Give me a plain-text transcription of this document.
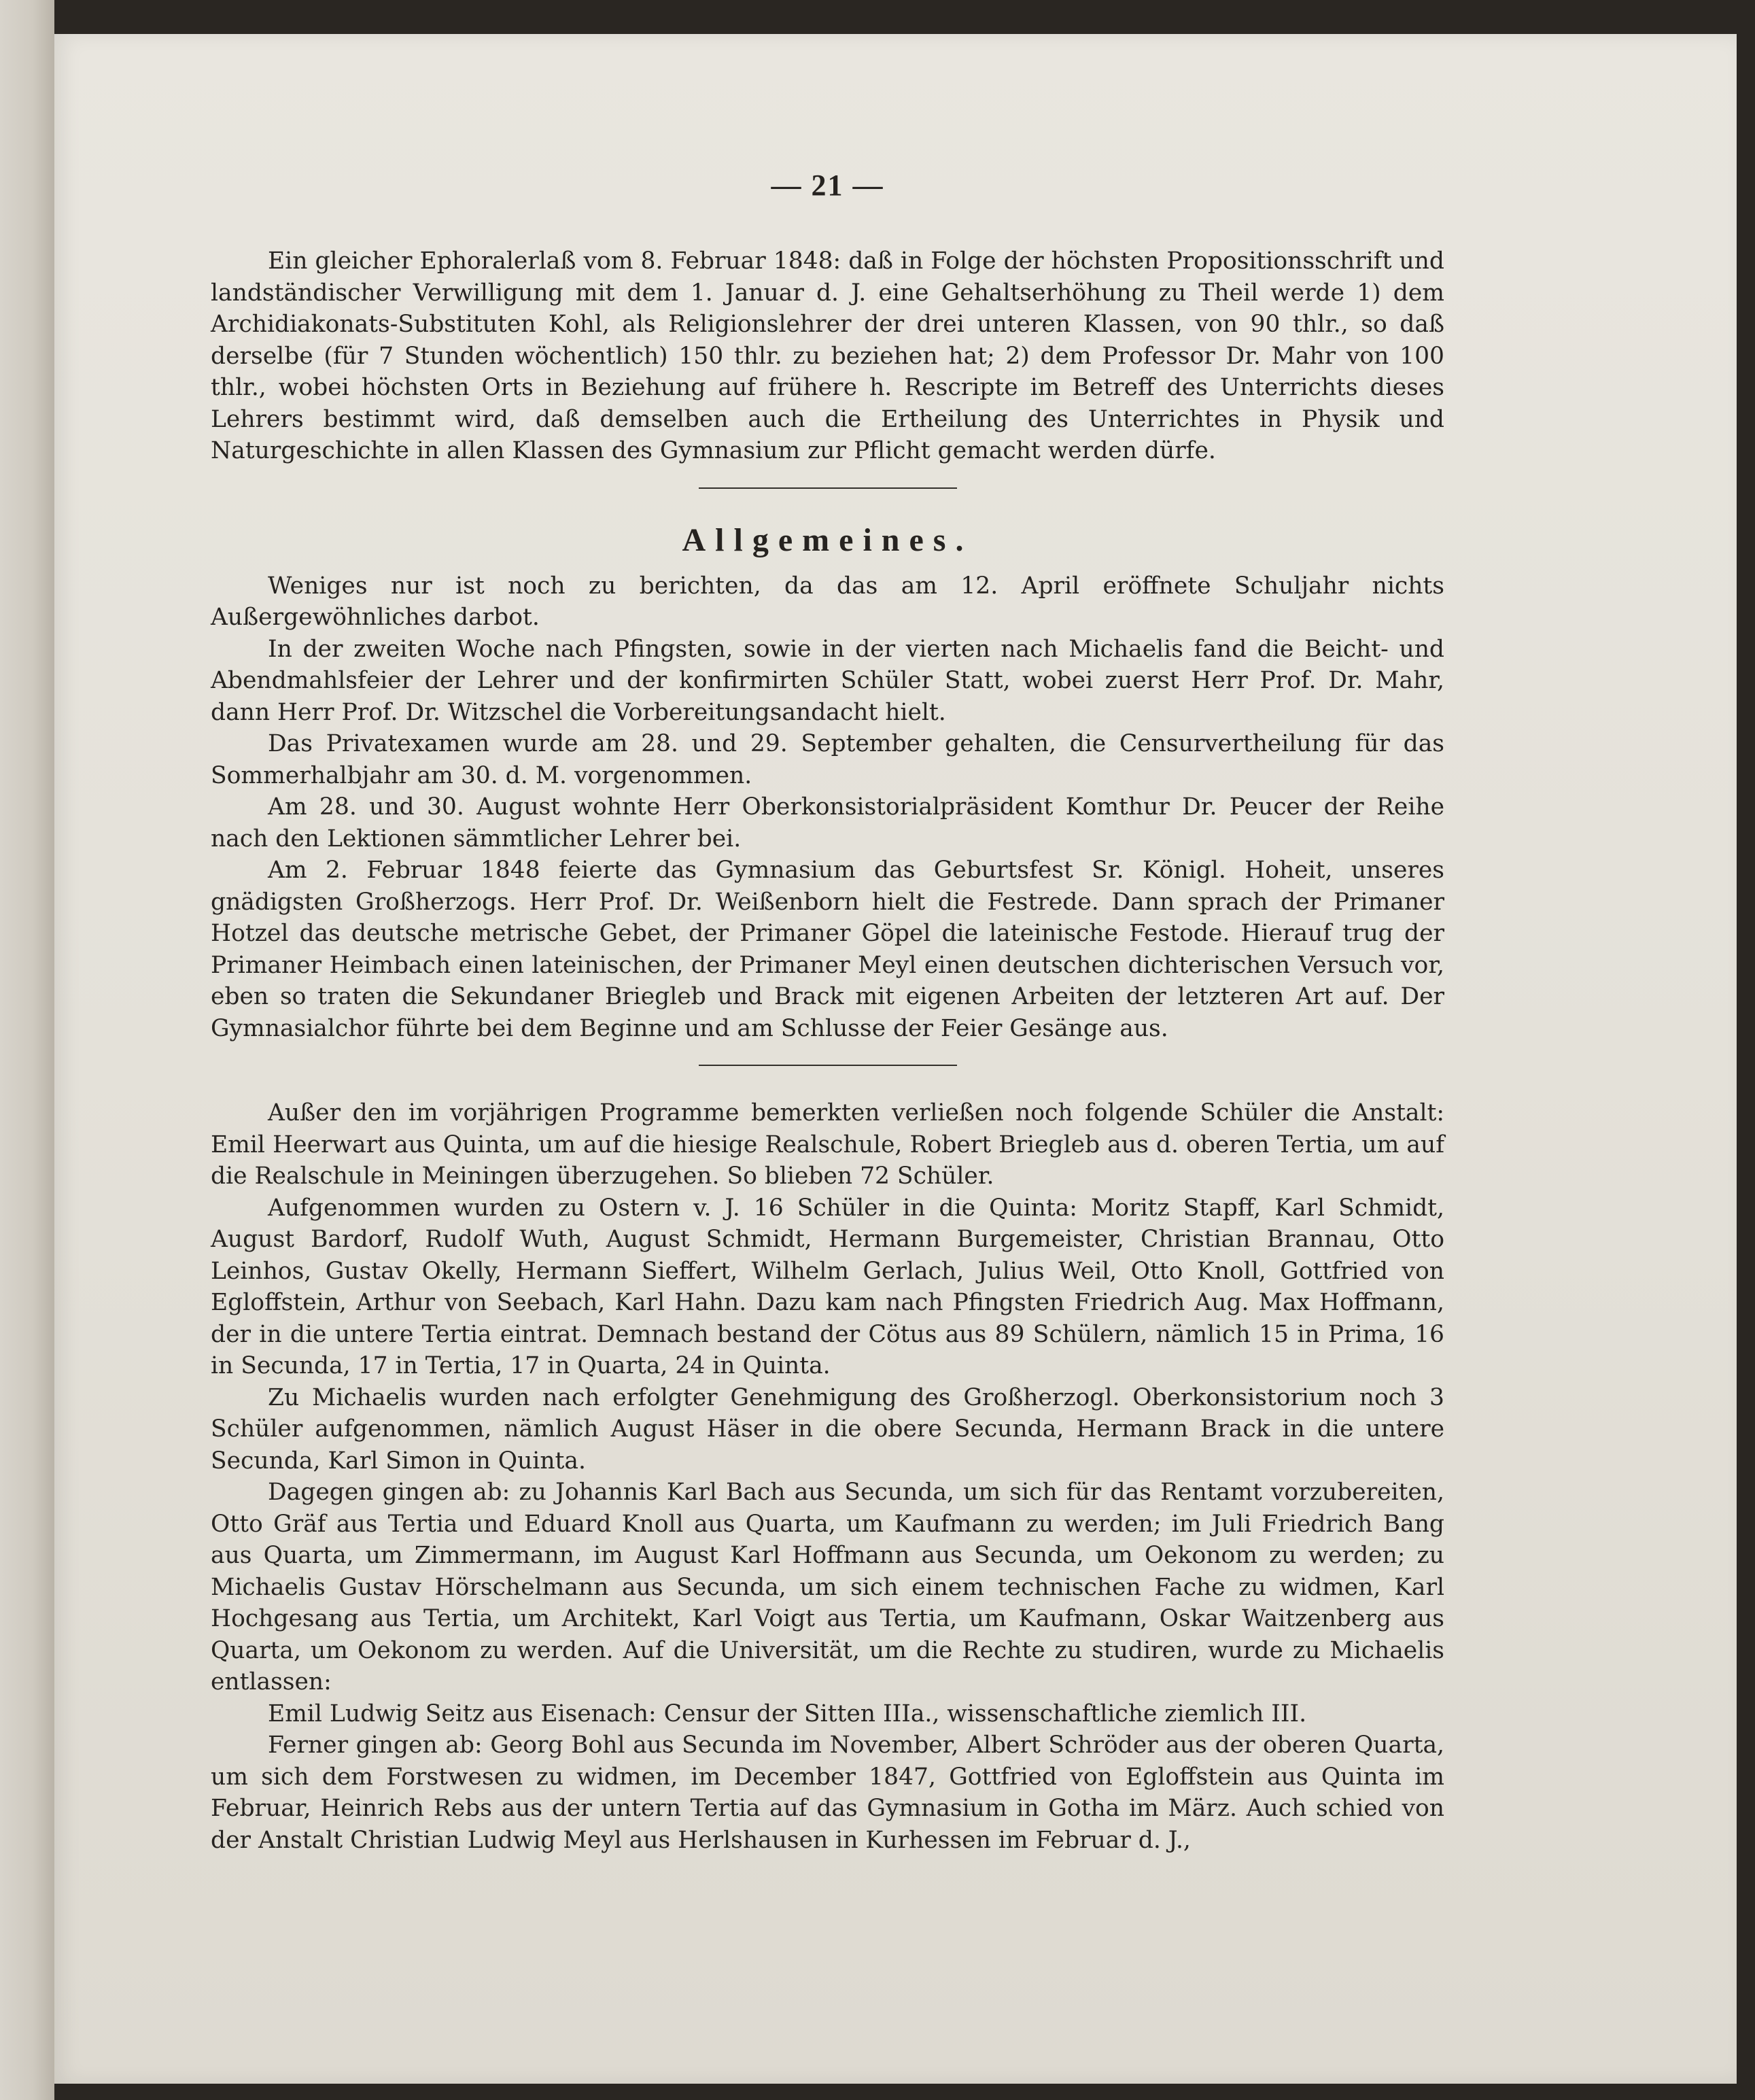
— 21 —

Ein gleicher Ephoralerlaß vom 8. Februar 1848: daß in Folge der höchsten Propositionsschrift und landständischer Verwilligung mit dem 1. Januar d. J. eine Gehaltserhöhung zu Theil werde 1) dem Archidiakonats-Substituten Kohl, als Religionslehrer der drei unteren Klassen, von 90 thlr., so daß derselbe (für 7 Stunden wöchentlich) 150 thlr. zu beziehen hat; 2) dem Professor Dr. Mahr von 100 thlr., wobei höchsten Orts in Beziehung auf frühere h. Rescripte im Betreff des Unterrichts dieses Lehrers bestimmt wird, daß demselben auch die Ertheilung des Unterrichtes in Physik und Naturgeschichte in allen Klassen des Gymnasium zur Pflicht gemacht werden dürfe.

Allgemeines.

Weniges nur ist noch zu berichten, da das am 12. April eröffnete Schuljahr nichts Außergewöhnliches darbot.

In der zweiten Woche nach Pfingsten, sowie in der vierten nach Michaelis fand die Beicht- und Abendmahlsfeier der Lehrer und der konfirmirten Schüler Statt, wobei zuerst Herr Prof. Dr. Mahr, dann Herr Prof. Dr. Witzschel die Vorbereitungsandacht hielt.

Das Privatexamen wurde am 28. und 29. September gehalten, die Censurvertheilung für das Sommerhalbjahr am 30. d. M. vorgenommen.

Am 28. und 30. August wohnte Herr Oberkonsistorialpräsident Komthur Dr. Peucer der Reihe nach den Lektionen sämmtlicher Lehrer bei.

Am 2. Februar 1848 feierte das Gymnasium das Geburtsfest Sr. Königl. Hoheit, unseres gnädigsten Großherzogs. Herr Prof. Dr. Weißenborn hielt die Festrede. Dann sprach der Primaner Hotzel das deutsche metrische Gebet, der Primaner Göpel die lateinische Festode. Hierauf trug der Primaner Heimbach einen lateinischen, der Primaner Meyl einen deutschen dichterischen Versuch vor, eben so traten die Sekundaner Briegleb und Brack mit eigenen Arbeiten der letzteren Art auf. Der Gymnasialchor führte bei dem Beginne und am Schlusse der Feier Gesänge aus.

Außer den im vorjährigen Programme bemerkten verließen noch folgende Schüler die Anstalt: Emil Heerwart aus Quinta, um auf die hiesige Realschule, Robert Briegleb aus d. oberen Tertia, um auf die Realschule in Meiningen überzugehen. So blieben 72 Schüler.

Aufgenommen wurden zu Ostern v. J. 16 Schüler in die Quinta: Moritz Stapff, Karl Schmidt, August Bardorf, Rudolf Wuth, August Schmidt, Hermann Burgemeister, Christian Brannau, Otto Leinhos, Gustav Okelly, Hermann Sieffert, Wilhelm Gerlach, Julius Weil, Otto Knoll, Gottfried von Egloffstein, Arthur von Seebach, Karl Hahn. Dazu kam nach Pfingsten Friedrich Aug. Max Hoffmann, der in die untere Tertia eintrat. Demnach bestand der Cötus aus 89 Schülern, nämlich 15 in Prima, 16 in Secunda, 17 in Tertia, 17 in Quarta, 24 in Quinta.

Zu Michaelis wurden nach erfolgter Genehmigung des Großherzogl. Oberkonsistorium noch 3 Schüler aufgenommen, nämlich August Häser in die obere Secunda, Hermann Brack in die untere Secunda, Karl Simon in Quinta.

Dagegen gingen ab: zu Johannis Karl Bach aus Secunda, um sich für das Rentamt vorzubereiten, Otto Gräf aus Tertia und Eduard Knoll aus Quarta, um Kaufmann zu werden; im Juli Friedrich Bang aus Quarta, um Zimmermann, im August Karl Hoffmann aus Secunda, um Oekonom zu werden; zu Michaelis Gustav Hörschelmann aus Secunda, um sich einem technischen Fache zu widmen, Karl Hochgesang aus Tertia, um Architekt, Karl Voigt aus Tertia, um Kaufmann, Oskar Waitzenberg aus Quarta, um Oekonom zu werden. Auf die Universität, um die Rechte zu studiren, wurde zu Michaelis entlassen:

Emil Ludwig Seitz aus Eisenach: Censur der Sitten IIIa., wissenschaftliche ziemlich III.

Ferner gingen ab: Georg Bohl aus Secunda im November, Albert Schröder aus der oberen Quarta, um sich dem Forstwesen zu widmen, im December 1847, Gottfried von Egloffstein aus Quinta im Februar, Heinrich Rebs aus der untern Tertia auf das Gymnasium in Gotha im März. Auch schied von der Anstalt Christian Ludwig Meyl aus Herlshausen in Kurhessen im Februar d. J.,
